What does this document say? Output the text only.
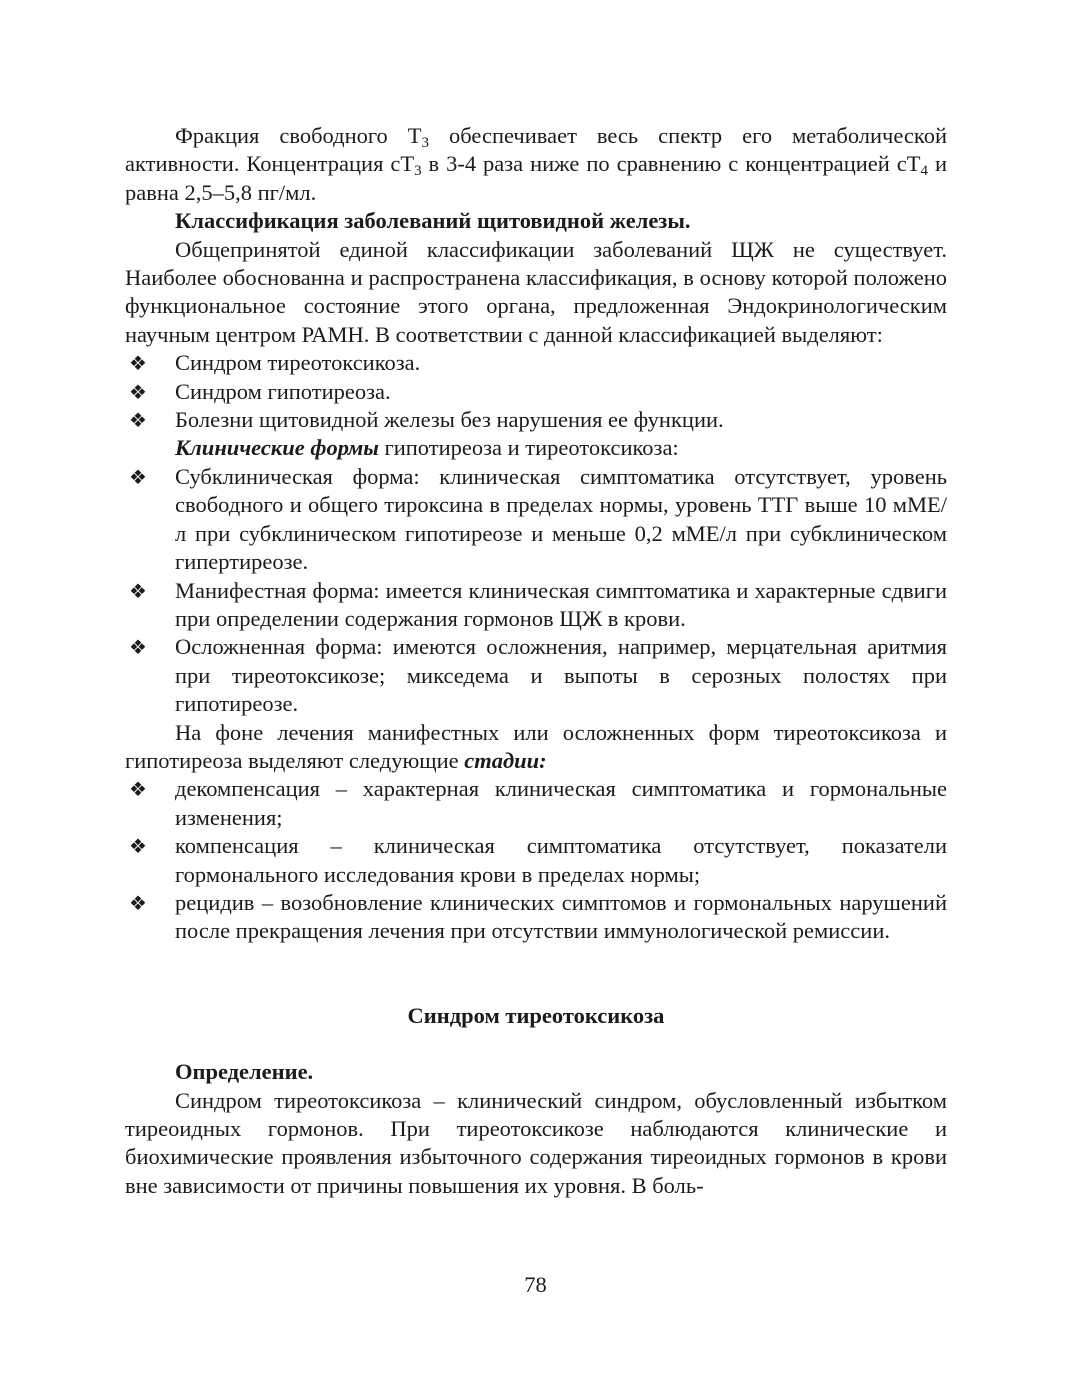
Фракция свободного $Т_3$ обеспечивает весь спектр его метаболической активности. Концентрация $сТ_3$ в 3-4 раза ниже по сравнению с концентрацией $сТ_4$ и равна 2,5–5,8 пг/мл.

Классификация заболеваний щитовидной железы.

Общепринятой единой классификации заболеваний ЩЖ не существует. Наиболее обоснованна и распространена классификация, в основу которой положено функциональное состояние этого органа, предложенная Эндокринологическим научным центром РАМН. В соответствии с данной классификацией выделяют:

❖ Синдром тиреотоксикоза.
❖ Синдром гипотиреоза.
❖ Болезни щитовидной железы без нарушения ее функции.

Клинические формы гипотиреоза и тиреотоксикоза:

❖ Субклиническая форма: клиническая симптоматика отсутствует, уровень свободного и общего тироксина в пределах нормы, уровень ТТГ выше 10 мМЕ/л при субклиническом гипотиреозе и меньше 0,2 мМЕ/л при субклиническом гипертиреозе.
❖ Манифестная форма: имеется клиническая симптоматика и характерные сдвиги при определении содержания гормонов ЩЖ в крови.
❖ Осложненная форма: имеются осложнения, например, мерцательная аритмия при тиреотоксикозе; микседема и выпоты в серозных полостях при гипотиреозе.

На фоне лечения манифестных или осложненных форм тиреотоксикоза и гипотиреоза выделяют следующие стадии:

❖ декомпенсация – характерная клиническая симптоматика и гормональные изменения;
❖ компенсация – клиническая симптоматика отсутствует, показатели гормонального исследования крови в пределах нормы;
❖ рецидив – возобновление клинических симптомов и гормональных нарушений после прекращения лечения при отсутствии иммунологической ремиссии.

Синдром тиреотоксикоза

Определение.

Синдром тиреотоксикоза – клинический синдром, обусловленный избытком тиреоидных гормонов. При тиреотоксикозе наблюдаются клинические и биохимические проявления избыточного содержания тиреоидных гормонов в крови вне зависимости от причины повышения их уровня. В боль-

78
